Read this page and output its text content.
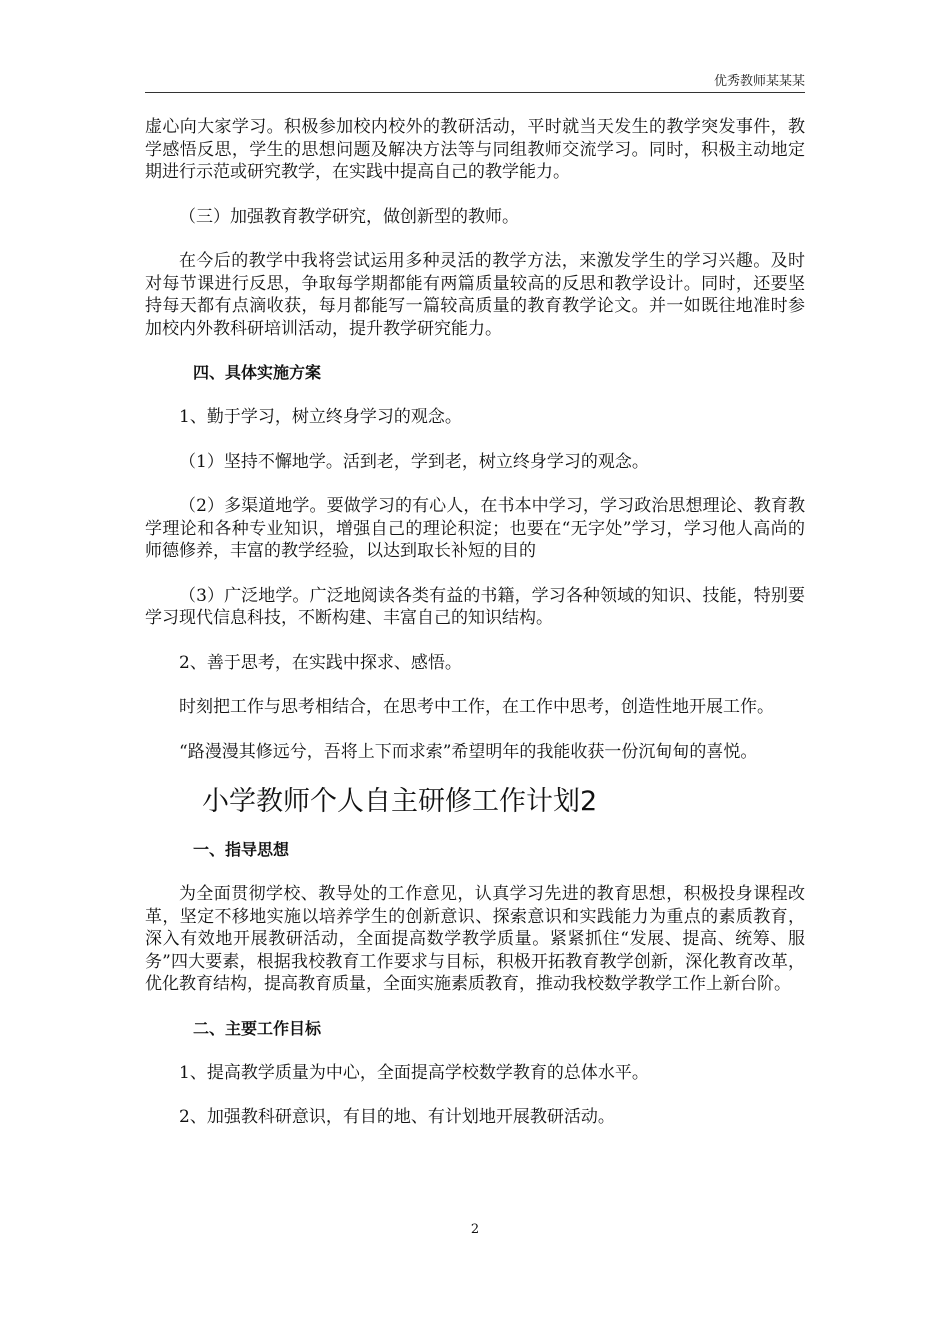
优秀教师某某某

虚心向大家学习。积极参加校内校外的教研活动，平时就当天发生的教学突发事件，教学感悟反思，学生的思想问题及解决方法等与同组教师交流学习。同时，积极主动地定期进行示范或研究教学，在实践中提高自己的教学能力。

（三）加强教育教学研究，做创新型的教师。

在今后的教学中我将尝试运用多种灵活的教学方法，来激发学生的学习兴趣。及时对每节课进行反思，争取每学期都能有两篇质量较高的反思和教学设计。同时，还要坚持每天都有点滴收获，每月都能写一篇较高质量的教育教学论文。并一如既往地准时参加校内外教科研培训活动，提升教学研究能力。

四、具体实施方案

1、勤于学习，树立终身学习的观念。

（1）坚持不懈地学。活到老，学到老，树立终身学习的观念。

（2）多渠道地学。要做学习的有心人，在书本中学习，学习政治思想理论、教育教学理论和各种专业知识，增强自己的理论积淀；也要在“无字处”学习，学习他人高尚的师德修养，丰富的教学经验，以达到取长补短的目的

（3）广泛地学。广泛地阅读各类有益的书籍，学习各种领域的知识、技能，特别要学习现代信息科技，不断构建、丰富自己的知识结构。

2、善于思考，在实践中探求、感悟。

时刻把工作与思考相结合，在思考中工作，在工作中思考，创造性地开展工作。

“路漫漫其修远兮，吾将上下而求索”希望明年的我能收获一份沉甸甸的喜悦。

小学教师个人自主研修工作计划2
一、指导思想

为全面贯彻学校、教导处的工作意见，认真学习先进的教育思想，积极投身课程改革，坚定不移地实施以培养学生的创新意识、探索意识和实践能力为重点的素质教育，深入有效地开展教研活动，全面提高数学教学质量。紧紧抓住“发展、提高、统筹、服务”四大要素，根据我校教育工作要求与目标，积极开拓教育教学创新，深化教育改革，优化教育结构，提高教育质量，全面实施素质教育，推动我校数学教学工作上新台阶。

二、主要工作目标

1、提高教学质量为中心，全面提高学校数学教育的总体水平。

2、加强教科研意识，有目的地、有计划地开展教研活动。

2
